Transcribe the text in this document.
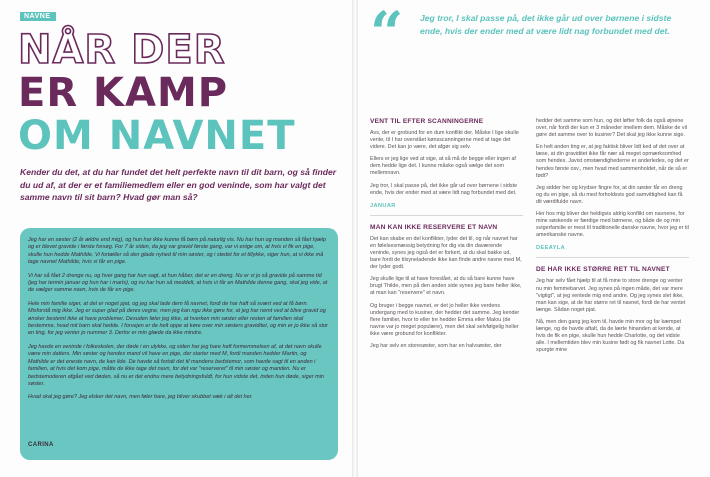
NAVNE
NÅR DER
ER KAMP
OM NAVNET

Kender du det, at du har fundet det helt perfekte navn til dit barn, og så finder du ud af, at der er et familiemedlem eller en god veninde, som har valgt det samme navn til sit barn? Hvad gør man så?

Jeg har en søster (2 år ældre end mig), og hun har ikke kunne få børn på naturlig vis. Nu har hun og manden så fået hjælp og er blevet gravide i første forsøg. For 7 år siden, da jeg var gravid første gang, var vi enige om, at hvis vi fik en pige, skulle hun hedde Mathilde. Vi fortæller så den glade nyhed til min søster, og i stedet for et tillykke, siger hun, at vi ikke må tage navnet Mathilde, hvis vi får en pige.

Vi har så fået 2 drenge nu, og hver gang har hun sagt, at hun håber, det er en dreng. Nu er vi jo så gravide på samme tid (jeg har termin januar og hun har i marts), og nu har hun så meddelt, at hvis vi får en Mathilde denne gang, skal jeg vide, at de vælger samme navn, hvis de får en pige.

Hele min familie siger, at det er noget pjat, og jeg skal lade dem få navnet, fordi de har haft så svært ved at få børn. Misforstå mig ikke. Jeg er super glad på deres vegne, men jeg kan ngu ikke gøre for, at jeg har nemt ved at blive gravid og ønsker bestemt ikke at have problemer. Desuden føler jeg ikke, at hverken min søster eller resten af familien skal bestemme, hvad mit barn skal hedde. I forvejen er de helt oppe at køre over min søsters graviditet, og min er jo ikke så stor en ting, for jeg venter jo nummer 3. Derfor er min glæde da ikke mindre.

Jeg havde en veninde i folkeskolen, der døde i en ulykke, og siden har jeg bare haft formemmelsen af, at det navn skulle være min datters. Min søster og hendes mand vil have en pige, der starter med M, fordi manden hedder Martin, og Mathilde er det eneste navn, de kan lide. De havde så fortalt det til mandens bedstemor, som havde sagt til en anden i familien, at hvis det kom pige, måtte de ikke tage det navn, for det var "reserveret" til min søster og manden. Nu er bedstemoderen afgået ved døden, så nu er det endnu mere betydningsfuldt, for hun vidste det, inden hun døde, siger min søster.

Hvad skal jeg gøre? Jeg elsker det navn, men føler bare, jeg bliver skubbet væk i alt det her.

CARINA
“ Jeg tror, I skal passe på, det ikke går ud over børnene i sidste ende, hvis der ender med at være lidt nag forbundet med det.

VENT TIL EFTER SCANNINGERNE

Avs, der er grobund for en dum konflikt der. Måske I lige skulle vente, til I har overstået kønsscanningerne med at tage det videre. Det kan jo være, det afgør sig selv.

Ellers er jeg lige ved at sige, at så må de begge eller ingen af dem hedde lige det. I kunne måske også vælge det som mellemnavn.

Jeg tror, I skal passe på, det ikke går ud over børnene i sidste ende, hvis der ender med at være lidt nag forbundet med det.

JANUAR
MAN KAN IKKE RESERVERE ET NAVN

Det kan skabe en del konflikter, lyder det til, og når navnet har en følelsesmæssig betydning for dig via din daværende veninde, synes jeg også det er forkert, at du skal bakke ud, bare fordi de tilsyneladende ikke kan finde andre navne med M, der lyder godt.

Jeg skulle lige til at have foreslået, at du så bare kunne have brugt Thilde, men på den anden side synes jeg bare heller ikke, at man kan "reservere" et navn.

Og bruger i begge navnet, er det jo heller ikke verdens undergang med to kusiner, der hedder det samme. Jeg kender flere familier, hvor to eller tre hedder Emma eller Malou (de navne var jo meget populære), men det skal selvfølgelig heller ikke være grobund for konflikter.

Jeg har selv en storesøster, som har en halvsøster, der

hedder det samme som hun, og det løfter folk da også øjnene over, når fordi der kun er 3 måneder imellem dem. Måske de vil gøre det samme over to kusiner? Det skal jeg ikke kunne sige.

En helt anden ting er, at jeg faktisk bliver lidt ked af det over at læse, at din graviditet ikke får nær så meget opmærksomhed som hendes. Javist omstændighederne er anderledes, og det er hendes første osv., men hvad med sammenholdet, når de så er født?

Jeg sidder her og krydser fingre for, at din søster får en dreng og du en pige, så du med forholdsvis god samvittighed kan få dit værdifulde navn.

Her hos mig bliver der heldigvis aldrig konflikt om navnene, for mine søskende er færdige med børnene, og både de og min svigerfamilie er mest til traditionelle danske navne, hvor jeg er til amerikanske navne.

DEEAYLA
DE HAR IKKE STØRRE RET TIL NAVNET

Jeg har selv fået hjælp til at få mine to store drenge og venter nu min femmebarvet. Jeg synes på ingen måde, det var mere "vigtigt", at jeg ventede mig end andre. Og jeg synes slet ikke, man kan sige, at de har større ret til navnet, fordi de har ventet længe. Sådan noget pjat.

Nå, men den gang jeg kom til, havde min mor og far kæmpet længe, og de havde aftalt, da de lærte hinanden at kende, at hvis de fik en pige, skulle hun hedde Charlotte, og det vidste alle. I mellemtiden blev min kusine født og fik navnet Lotte. Da spurgte mine
